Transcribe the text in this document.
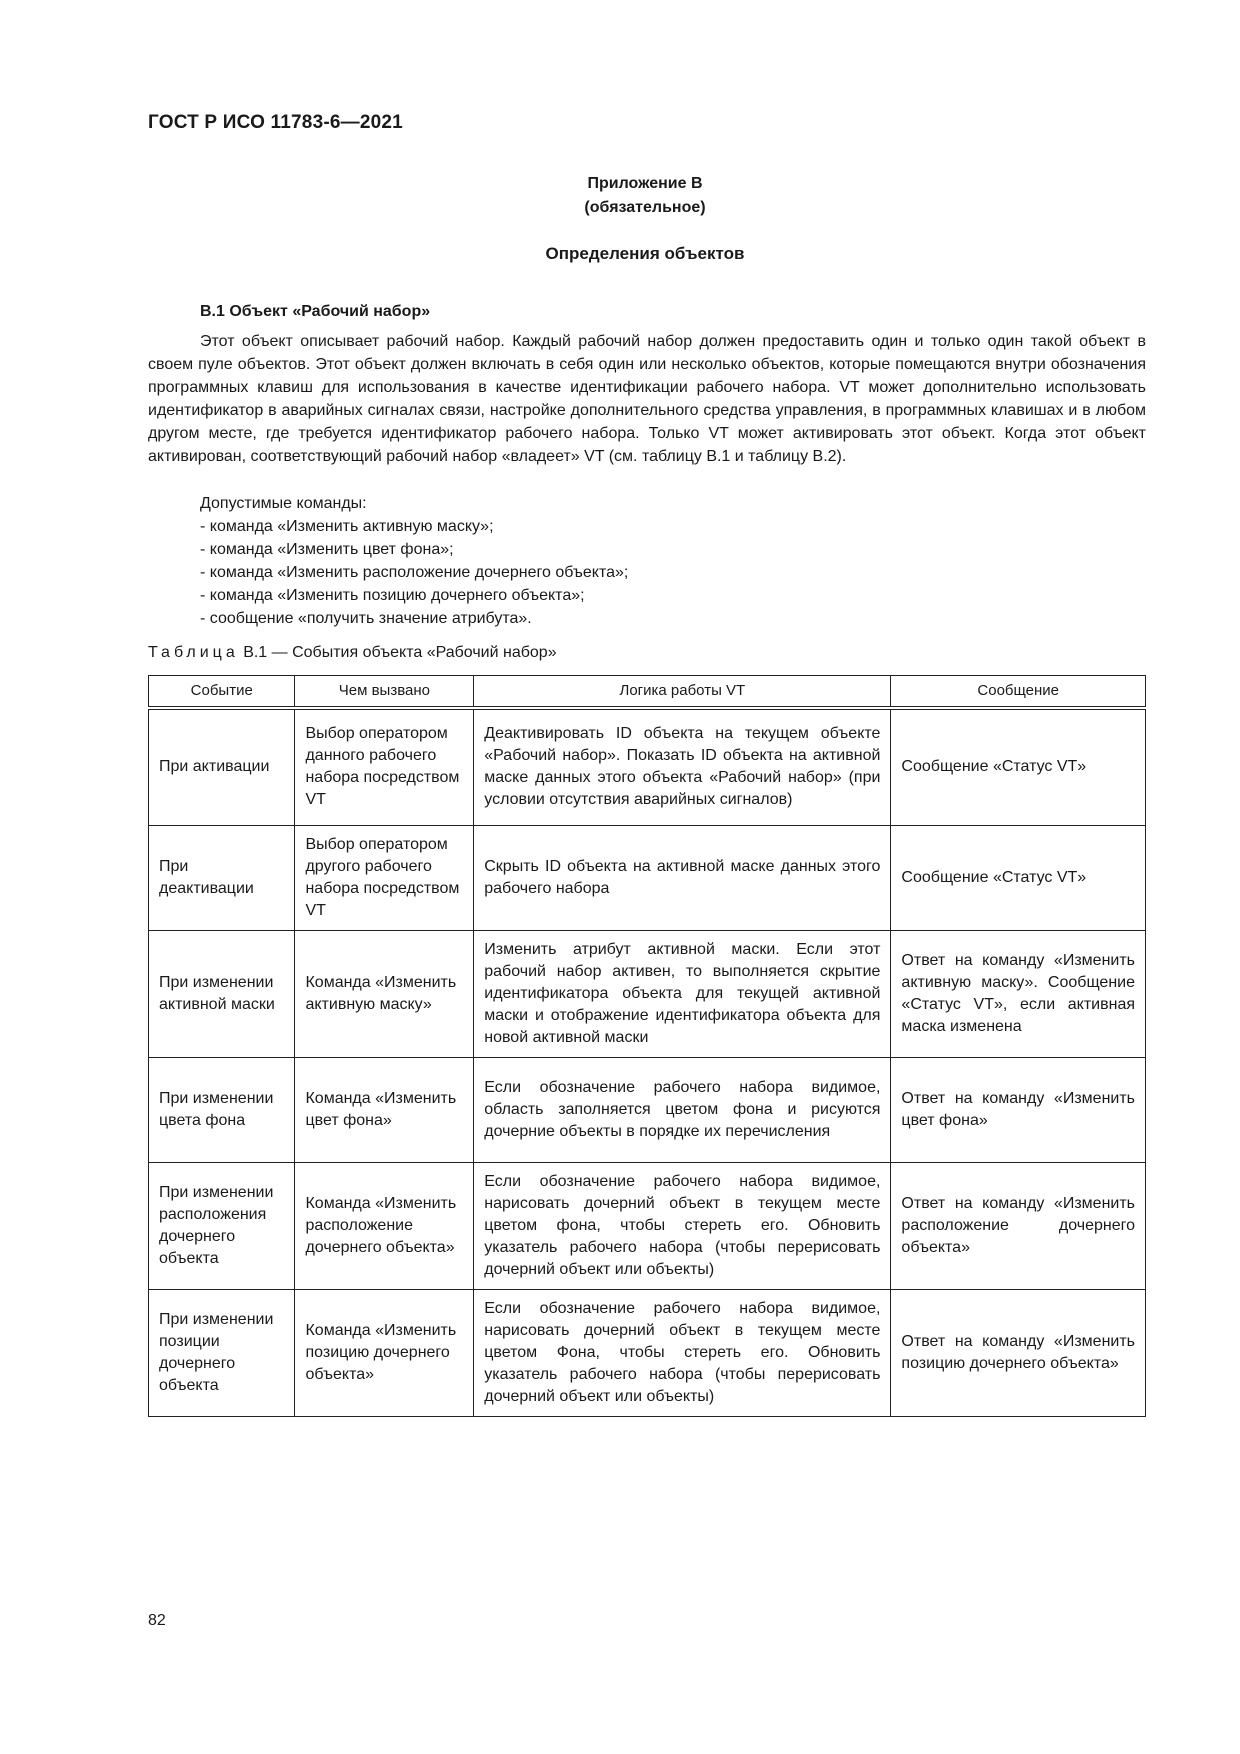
ГОСТ Р ИСО 11783-6—2021
Приложение В
(обязательное)
Определения объектов
В.1 Объект «Рабочий набор»

Этот объект описывает рабочий набор. Каждый рабочий набор должен предоставить один и только один такой объект в своем пуле объектов. Этот объект должен включать в себя один или несколько объектов, которые помещаются внутри обозначения программных клавиш для использования в качестве идентификации рабочего набора. VT может дополнительно использовать идентификатор в аварийных сигналах связи, настройке дополнительного средства управления, в программных клавишах и в любом другом месте, где требуется идентификатор рабочего набора. Только VT может активировать этот объект. Когда этот объект активирован, соответствующий рабочий набор «владеет» VT (см. таблицу В.1 и таблицу В.2).

Допустимые команды:
- команда «Изменить активную маску»;
- команда «Изменить цвет фона»;
- команда «Изменить расположение дочернего объекта»;
- команда «Изменить позицию дочернего объекта»;
- сообщение «получить значение атрибута».
Таблица В.1 — События объекта «Рабочий набор»
Событие	Чем вызвано	Логика работы VT	Сообщение
При активации	Выбор оператором данного рабочего набора посредством VT	Деактивировать ID объекта на текущем объекте «Рабочий набор». Показать ID объекта на активной маске данных этого объекта «Рабочий набор» (при условии отсутствия аварийных сигналов)	Сообщение «Статус VT»
При деактивации	Выбор оператором другого рабочего набора посредством VT	Скрыть ID объекта на активной маске данных этого рабочего набора	Сообщение «Статус VT»
При изменении активной маски	Команда «Изменить активную маску»	Изменить атрибут активной маски. Если этот рабочий набор активен, то выполняется скрытие идентификатора объекта для текущей активной маски и отображение идентификатора объекта для новой активной маски	Ответ на команду «Изменить активную маску». Сообщение «Статус VT», если активная маска изменена
При изменении цвета фона	Команда «Изменить цвет фона»	Если обозначение рабочего набора видимое, область заполняется цветом фона и рисуются дочерние объекты в порядке их перечисления	Ответ на команду «Изменить цвет фона»
При изменении расположения дочернего объекта	Команда «Изменить расположение дочернего объекта»	Если обозначение рабочего набора видимое, нарисовать дочерний объект в текущем месте цветом фона, чтобы стереть его. Обновить указатель рабочего набора (чтобы перерисовать дочерний объект или объекты)	Ответ на команду «Изменить расположение дочернего объекта»
При изменении позиции дочернего объекта	Команда «Изменить позицию дочернего объекта»	Если обозначение рабочего набора видимое, нарисовать дочерний объект в текущем месте цветом Фона, чтобы стереть его. Обновить указатель рабочего набора (чтобы перерисовать дочерний объект или объекты)	Ответ на команду «Изменить позицию дочернего объекта»
82
